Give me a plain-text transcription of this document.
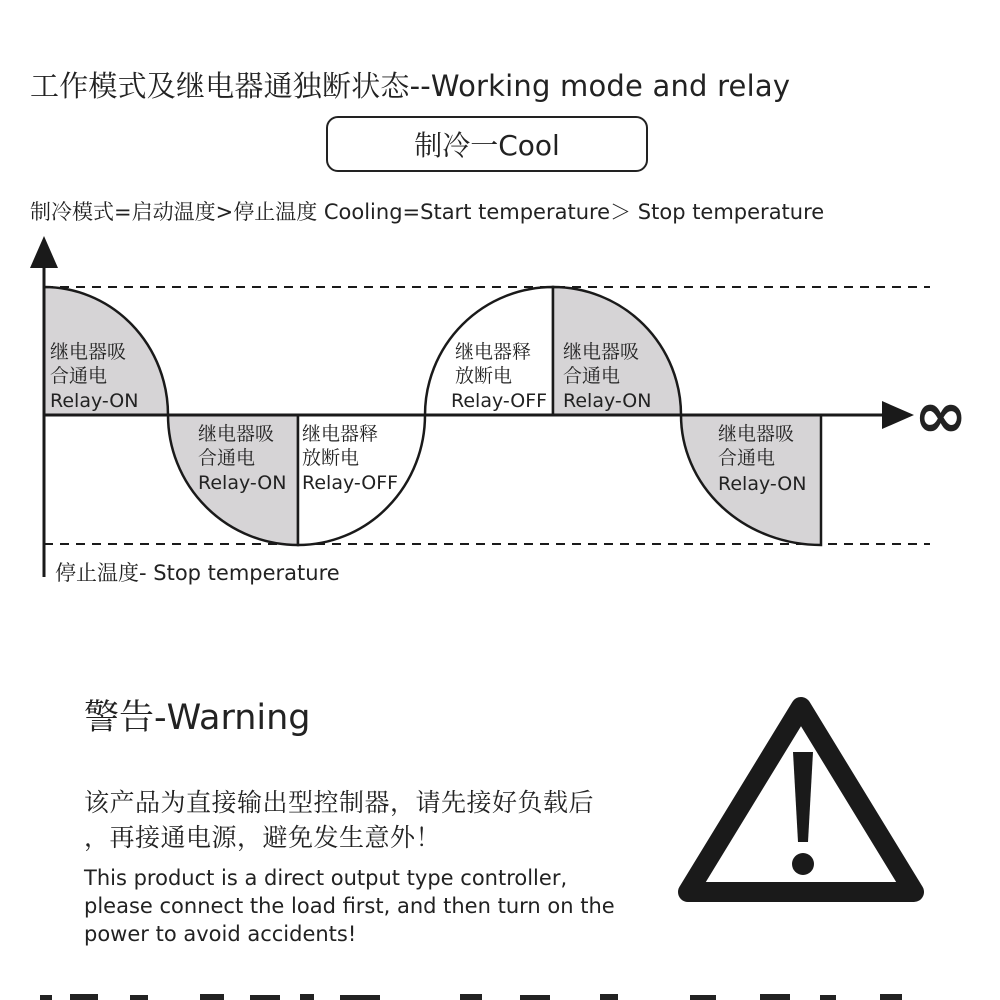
工作模式及继电器通独断状态--Working mode and relay
制冷一Cool
制冷模式=启动温度>停止温度 Cooling=Start temperature＞ Stop temperature
∞
继电器吸
合通电
Relay-ON
继电器吸
合通电
Relay-ON
继电器释
放断电
Relay-OFF
继电器释
放断电
Relay-OFF
继电器吸
合通电
Relay-ON
继电器吸
合通电
Relay-ON
停止温度- Stop temperature
警告-Warning
该产品为直接输出型控制器，请先接好负载后
，再接通电源，避免发生意外！
This product is a direct output type controller,
please connect the load first, and then turn on the
power to avoid accidents!
